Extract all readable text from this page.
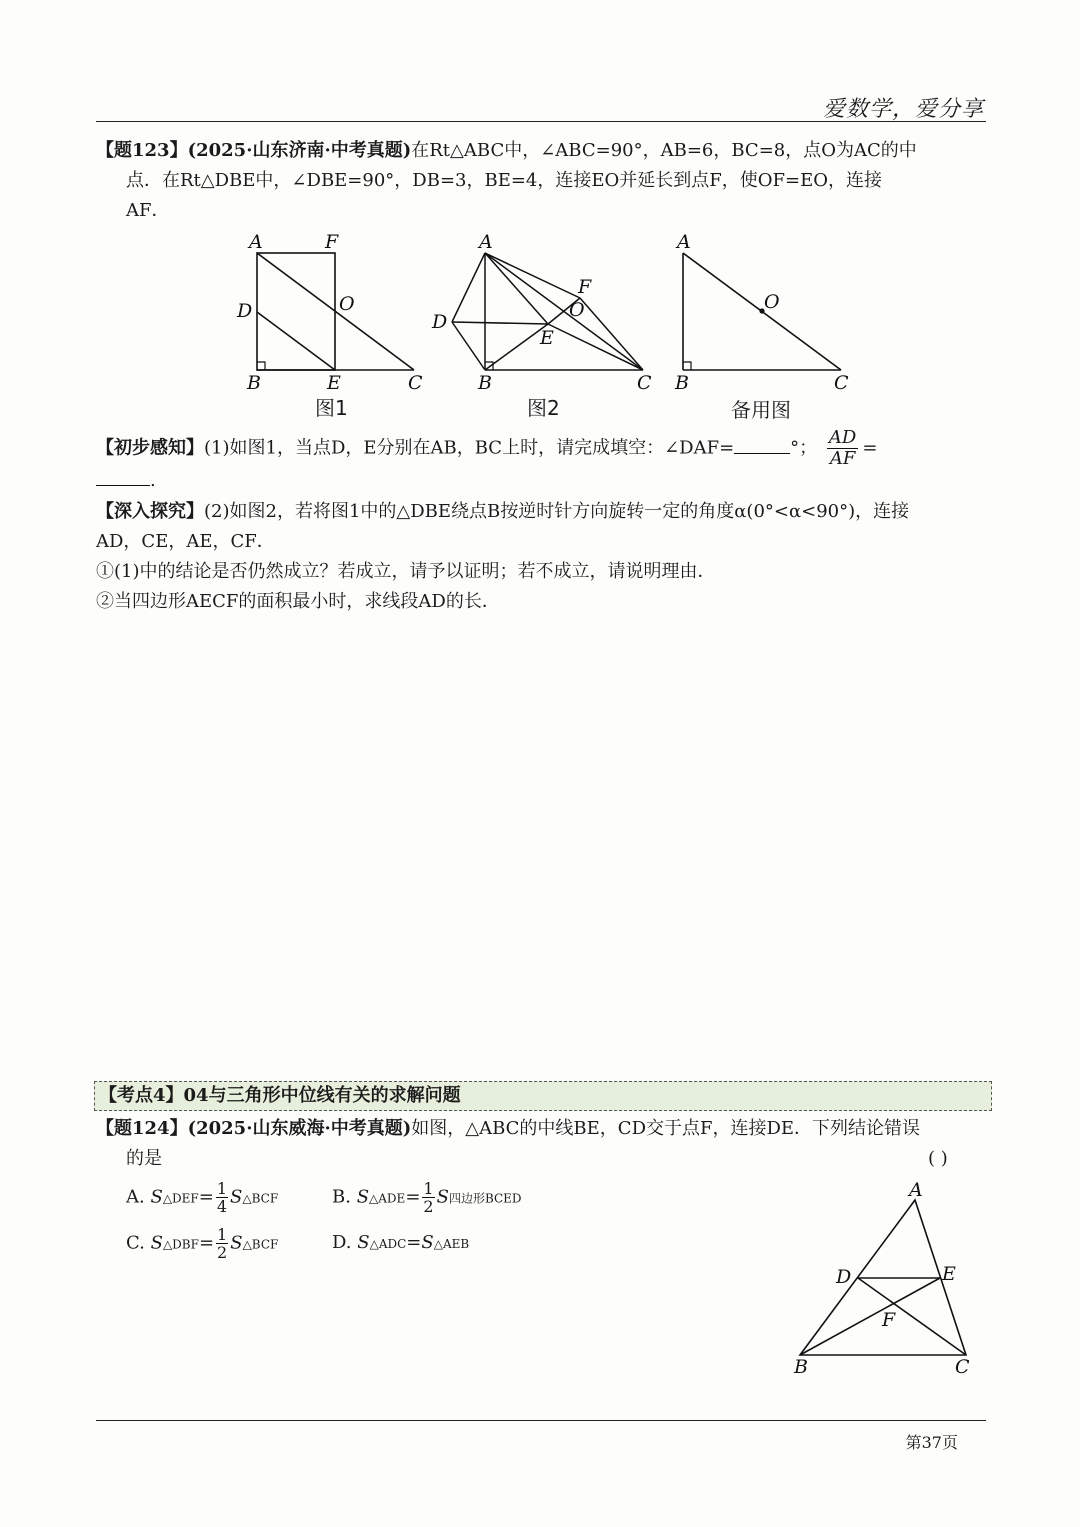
爱数学，爱分享
【题123】(2025·山东济南·中考真题)在Rt△ABC中，∠ABC=90°，AB=6，BC=8，点O为AC的中
点．在Rt△DBE中，∠DBE=90°，DB=3，BE=4，连接EO并延长到点F，使OF=EO，连接
AF．
A	F
D	O
B	E	C
A
F
D
O
E
B	C
A
O
B	C
图1	图2	备用图
【初步感知】(1)如图1，当点D，E分别在AB，BC上时，请完成填空：∠DAF=	°； $\frac{AD}{AF}$ =
.
【深入探究】(2)如图2，若将图1中的△DBE绕点B按逆时针方向旋转一定的角度α(0°<α<90°)，连接
AD，CE，AE，CF．
①(1)中的结论是否仍然成立？若成立，请予以证明；若不成立，请说明理由．
②当四边形AECF的面积最小时，求线段AD的长．
【考点4】04与三角形中位线有关的求解问题
【题124】(2025·山东威海·中考真题)如图，△ABC的中线BE，CD交于点F，连接DE．下列结论错误
的是	( )
A. S△DEF= $\frac{1}{4}$ S△BCF	B. S△ADE= $\frac{1}{2}$ S四边形BCED
C. S△DBF= $\frac{1}{2}$ S△BCF	D. S△ADC=S△AEB
A
D	E
F
B	C
第37页
